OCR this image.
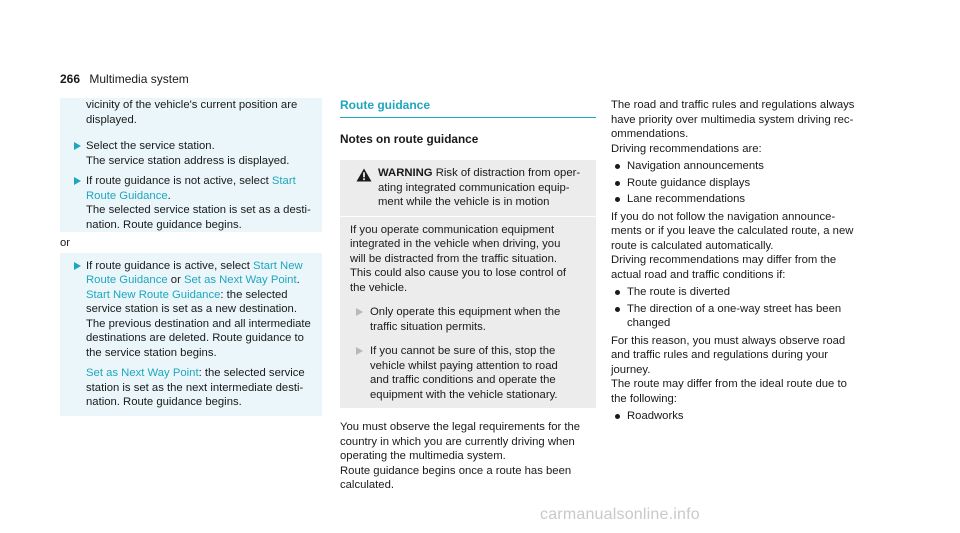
266 Multimedia system

vicinity of the vehicle's current position are

displayed.

Select the service station.

The service station address is displayed.

If route guidance is not active, select Start

Route Guidance.

The selected service station is set as a desti-

nation. Route guidance begins.

or

If route guidance is active, select Start New

Route Guidance or Set as Next Way Point.

Start New Route Guidance: the selected

service station is set as a new destination.

The previous destination and all intermediate

destinations are deleted. Route guidance to

the service station begins.

Set as Next Way Point: the selected service

station is set as the next intermediate desti-

nation. Route guidance begins.

Route guidance
Notes on route guidance

WARNING Risk of distraction from oper-

ating integrated communication equip-

ment while the vehicle is in motion

If you operate communication equipment

integrated in the vehicle when driving, you

will be distracted from the traffic situation.

This could also cause you to lose control of

the vehicle.

Only operate this equipment when the

traffic situation permits.

If you cannot be sure of this, stop the

vehicle whilst paying attention to road

and traffic conditions and operate the

equipment with the vehicle stationary.

You must observe the legal requirements for the

country in which you are currently driving when

operating the multimedia system.

Route guidance begins once a route has been

calculated.

The road and traffic rules and regulations always

have priority over multimedia system driving rec-

ommendations.

Driving recommendations are:

Navigation announcements
Route guidance displays
Lane recommendations

If you do not follow the navigation announce-

ments or if you leave the calculated route, a new

route is calculated automatically.

Driving recommendations may differ from the

actual road and traffic conditions if:

The route is diverted
The direction of a one-way street has been
changed

For this reason, you must always observe road

and traffic rules and regulations during your

journey.

The route may differ from the ideal route due to

the following:

Roadworks
carmanualsonline.info
